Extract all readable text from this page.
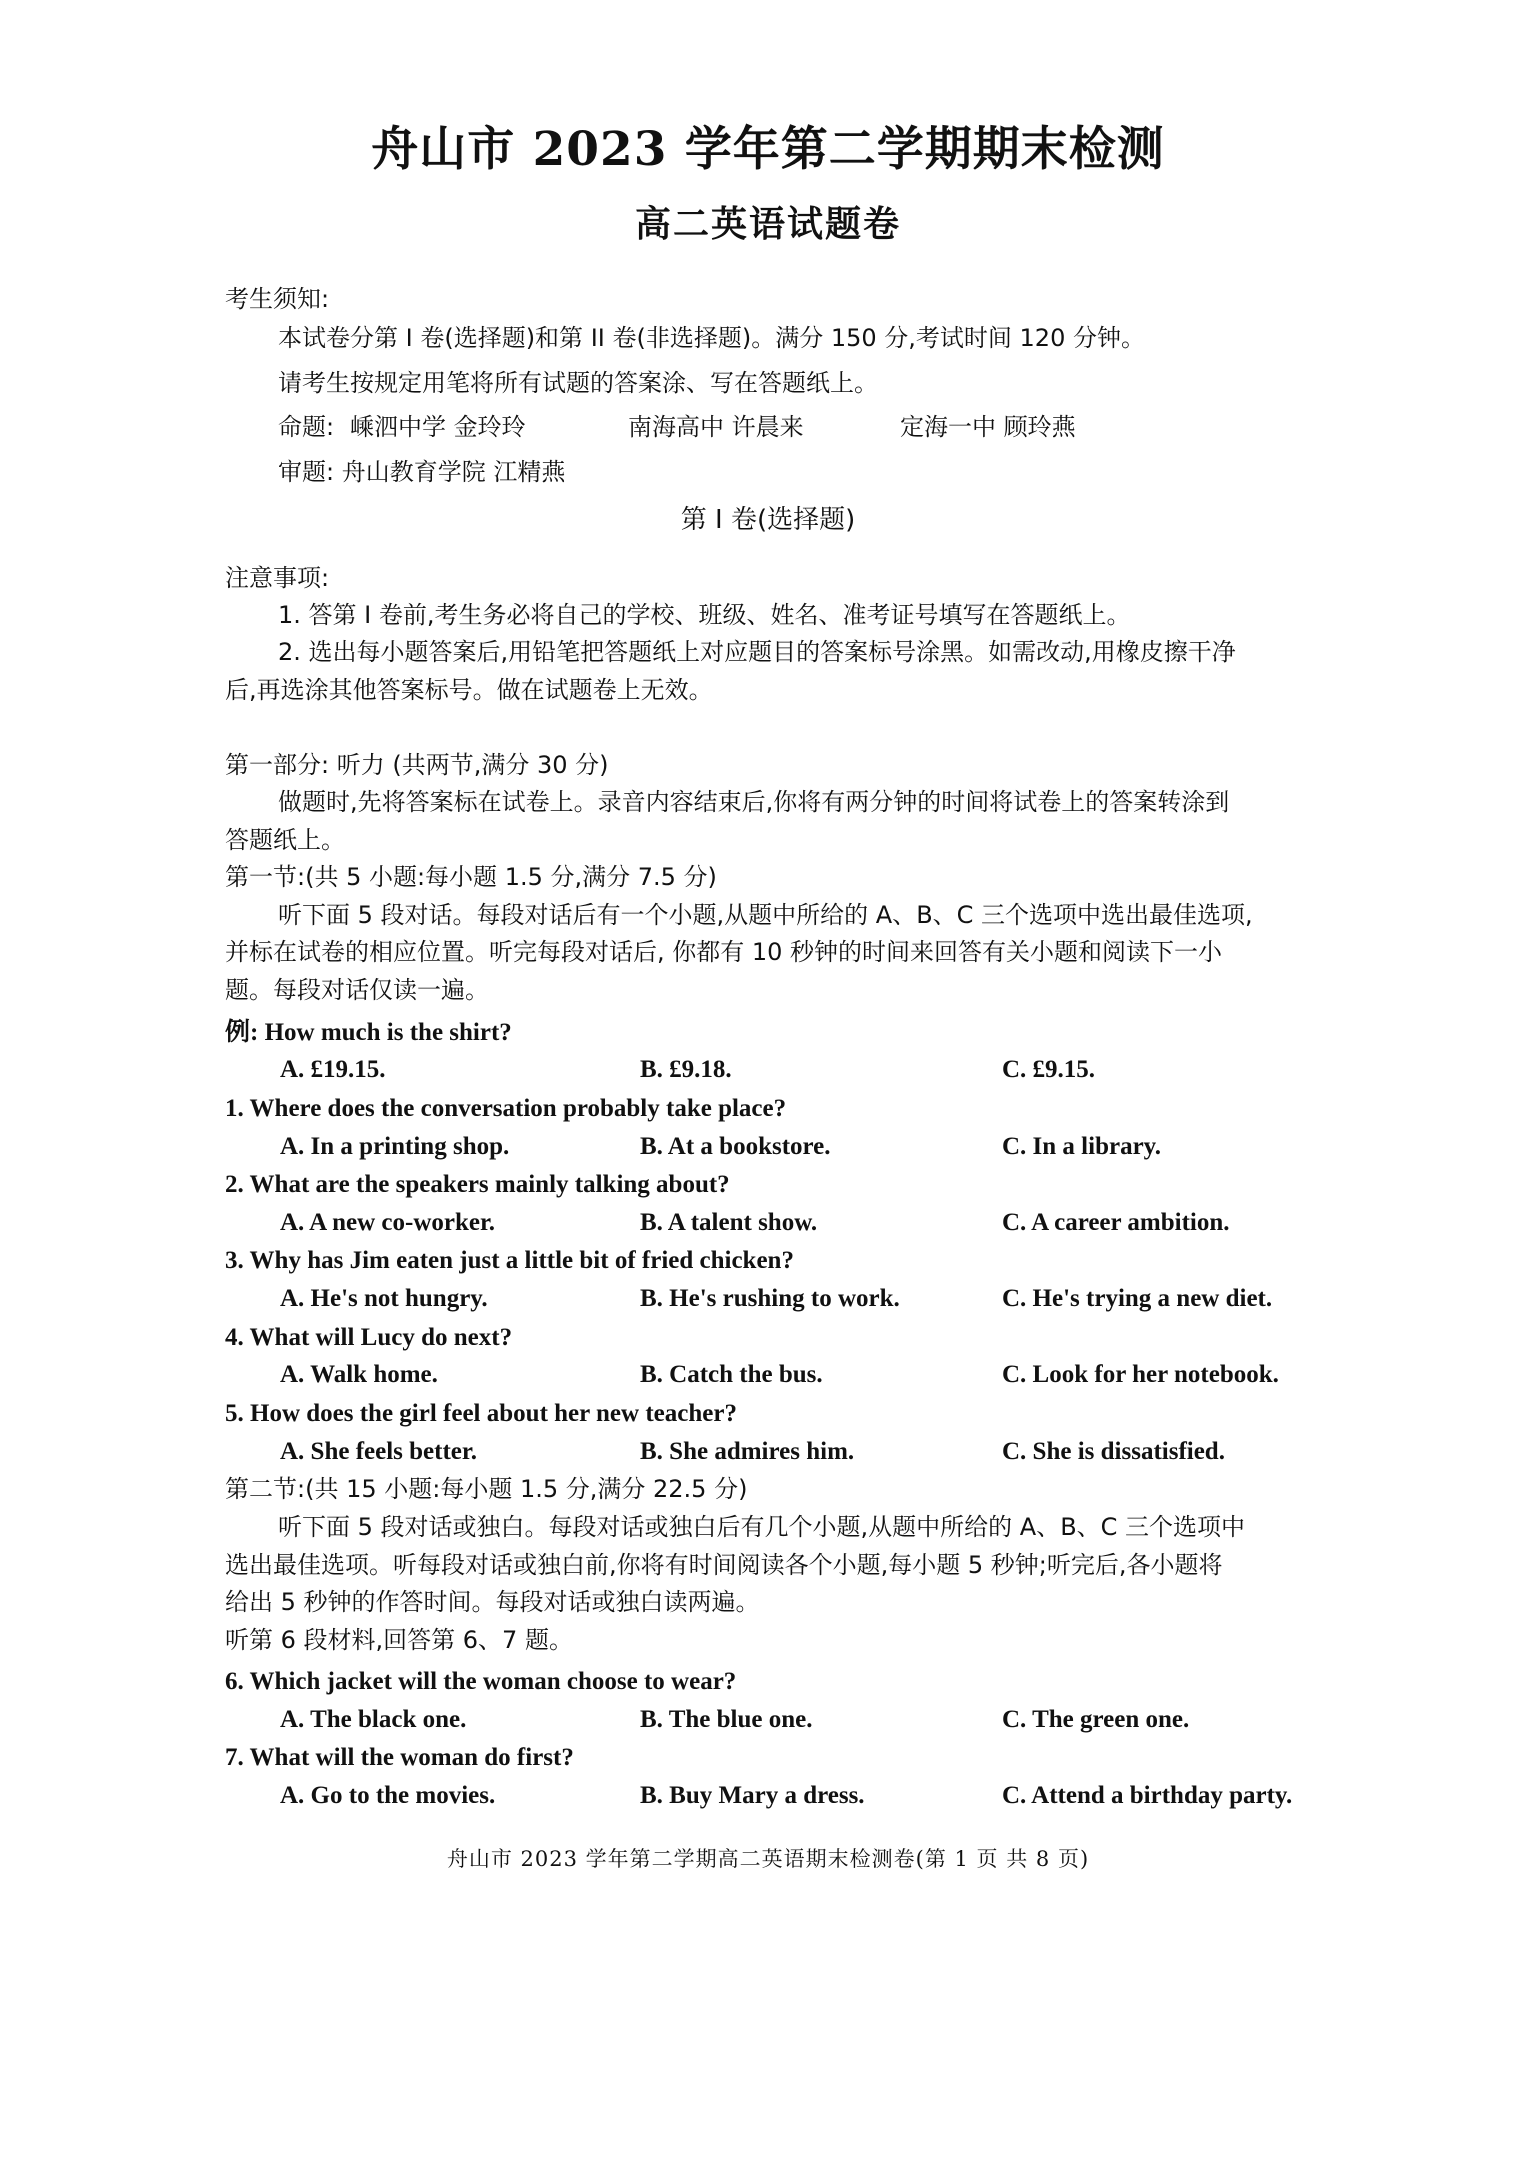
舟山市 2023 学年第二学期期末检测
高二英语试题卷
考生须知:
本试卷分第 I 卷(选择题)和第 II 卷(非选择题)。满分 150 分,考试时间 120 分钟。
请考生按规定用笔将所有试题的答案涂、写在答题纸上。
命题: 嵊泗中学 金玲玲	南海高中 许晨来	定海一中 顾玲燕
审题: 舟山教育学院 江精燕
第 I 卷(选择题)
注意事项:
1. 答第 I 卷前,考生务必将自己的学校、班级、姓名、准考证号填写在答题纸上。
2. 选出每小题答案后,用铅笔把答题纸上对应题目的答案标号涂黑。如需改动,用橡皮擦干净
后,再选涂其他答案标号。做在试题卷上无效。
第一部分: 听力 (共两节,满分 30 分)
做题时,先将答案标在试卷上。录音内容结束后,你将有两分钟的时间将试卷上的答案转涂到
答题纸上。
第一节:(共 5 小题:每小题 1.5 分,满分 7.5 分)
听下面 5 段对话。每段对话后有一个小题,从题中所给的 A、B、C 三个选项中选出最佳选项,
并标在试卷的相应位置。听完每段对话后, 你都有 10 秒钟的时间来回答有关小题和阅读下一小
题。每段对话仅读一遍。
例: How much is the shirt?
A. £19.15.	B. £9.18.	C. £9.15.
1. Where does the conversation probably take place?
A. In a printing shop.	B. At a bookstore.	C. In a library.
2. What are the speakers mainly talking about?
A. A new co-worker.	B. A talent show.	C. A career ambition.
3. Why has Jim eaten just a little bit of fried chicken?
A. He's not hungry.	B. He's rushing to work.	C. He's trying a new diet.
4. What will Lucy do next?
A. Walk home.	B. Catch the bus.	C. Look for her notebook.
5. How does the girl feel about her new teacher?
A. She feels better.	B. She admires him.	C. She is dissatisfied.
第二节:(共 15 小题:每小题 1.5 分,满分 22.5 分)
听下面 5 段对话或独白。每段对话或独白后有几个小题,从题中所给的 A、B、C 三个选项中
选出最佳选项。听每段对话或独白前,你将有时间阅读各个小题,每小题 5 秒钟;听完后,各小题将
给出 5 秒钟的作答时间。每段对话或独白读两遍。
听第 6 段材料,回答第 6、7 题。
6. Which jacket will the woman choose to wear?
A. The black one.	B. The blue one.	C. The green one.
7. What will the woman do first?
A. Go to the movies.	B. Buy Mary a dress.	C. Attend a birthday party.
舟山市 2023 学年第二学期高二英语期末检测卷(第 1 页 共 8 页)
